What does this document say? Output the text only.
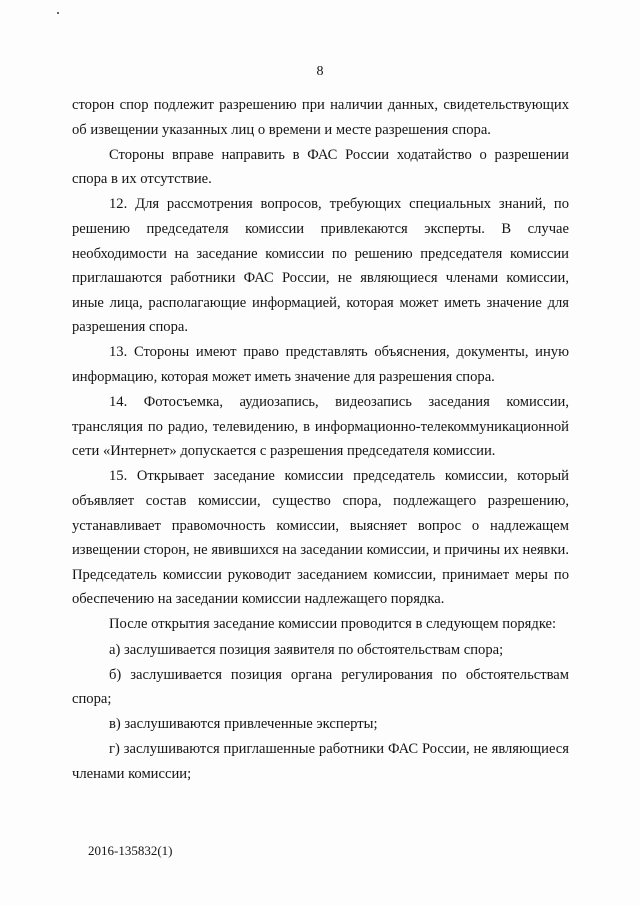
8

сторон спор подлежит разрешению при наличии данных, свидетельствующих об извещении указанных лиц о времени и месте разрешения спора.

Стороны вправе направить в ФАС России ходатайство о разрешении спора в их отсутствие.

12. Для рассмотрения вопросов, требующих специальных знаний, по решению председателя комиссии привлекаются эксперты. В случае необходимости на заседание комиссии по решению председателя комиссии приглашаются работники ФАС России, не являющиеся членами комиссии, иные лица, располагающие информацией, которая может иметь значение для разрешения спора.

13. Стороны имеют право представлять объяснения, документы, иную информацию, которая может иметь значение для разрешения спора.

14. Фотосъемка, аудиозапись, видеозапись заседания комиссии, трансляция по радио, телевидению, в информационно-телекоммуникационной сети «Интернет» допускается с разрешения председателя комиссии.

15. Открывает заседание комиссии председатель комиссии, который объявляет состав комиссии, существо спора, подлежащего разрешению, устанавливает правомочность комиссии, выясняет вопрос о надлежащем извещении сторон, не явившихся на заседании комиссии, и причины их неявки. Председатель комиссии руководит заседанием комиссии, принимает меры по обеспечению на заседании комиссии надлежащего порядка.

После открытия заседание комиссии проводится в следующем порядке:

а) заслушивается позиция заявителя по обстоятельствам спора;

б) заслушивается позиция органа регулирования по обстоятельствам спора;

в) заслушиваются привлеченные эксперты;

г) заслушиваются приглашенные работники ФАС России, не являющиеся членами комиссии;

2016-135832(1)
